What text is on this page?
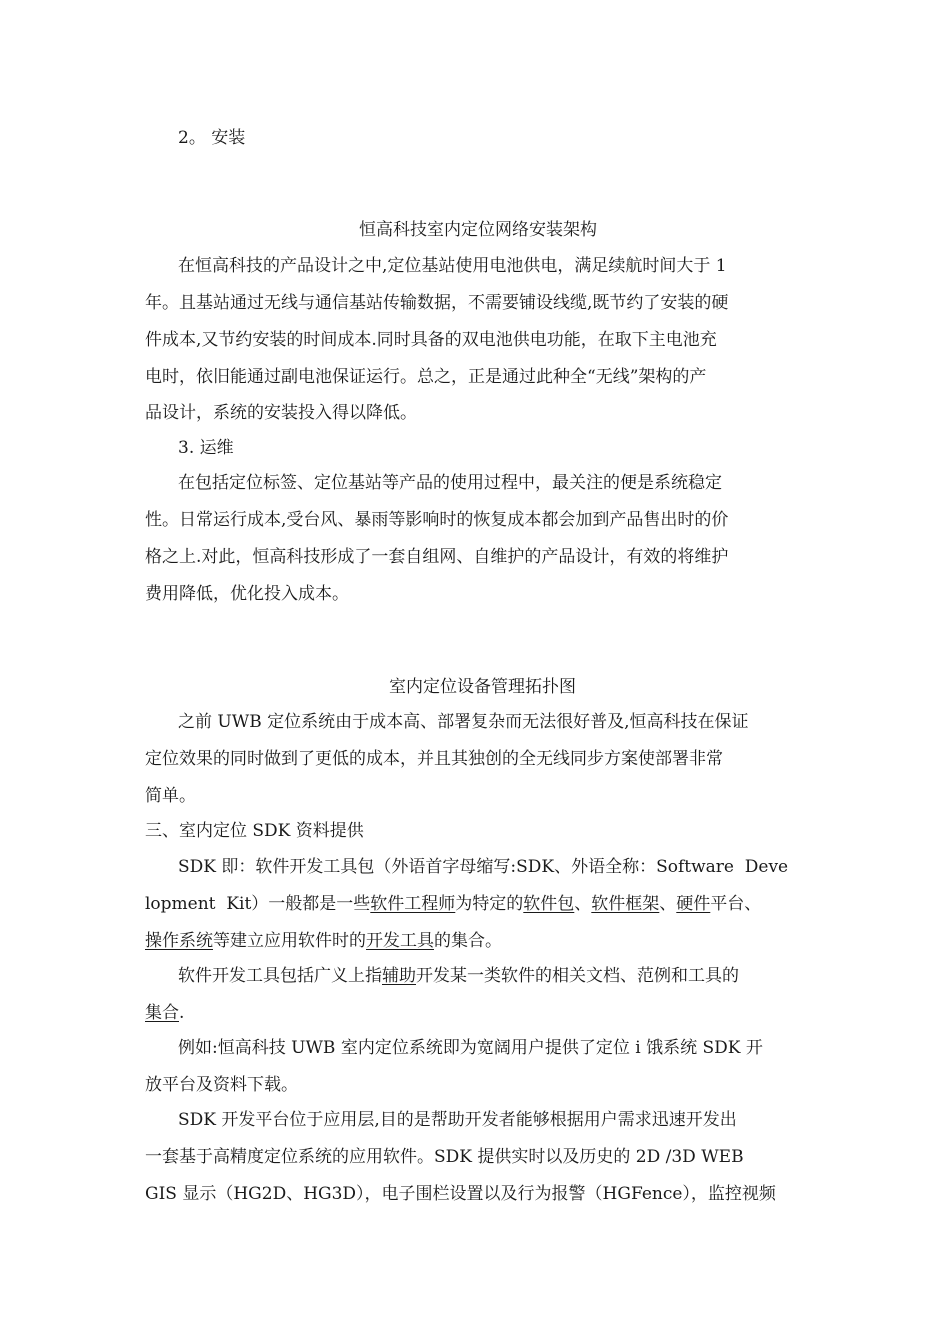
2。 安装
恒高科技室内定位网络安装架构
在恒高科技的产品设计之中,定位基站使用电池供电，满足续航时间大于 1
年。且基站通过无线与通信基站传输数据，不需要铺设线缆,既节约了安装的硬
件成本,又节约安装的时间成本.同时具备的双电池供电功能，在取下主电池充
电时，依旧能通过副电池保证运行。总之，正是通过此种全“无线”架构的产
品设计，系统的安装投入得以降低。
3. 运维
在包括定位标签、定位基站等产品的使用过程中，最关注的便是系统稳定
性。日常运行成本,受台风、暴雨等影响时的恢复成本都会加到产品售出时的价
格之上.对此，恒高科技形成了一套自组网、自维护的产品设计，有效的将维护
费用降低，优化投入成本。
室内定位设备管理拓扑图
之前 UWB 定位系统由于成本高、部署复杂而无法很好普及,恒高科技在保证
定位效果的同时做到了更低的成本，并且其独创的全无线同步方案使部署非常
简单。
三、室内定位 SDK 资料提供
SDK 即：软件开发工具包（外语首字母缩写:SDK、外语全称：Software  Deve
lopment  Kit）一般都是一些软件工程师为特定的软件包、软件框架、硬件平台、
操作系统等建立应用软件时的开发工具的集合。
软件开发工具包括广义上指辅助开发某一类软件的相关文档、范例和工具的
集合.
例如:恒高科技 UWB 室内定位系统即为宽阔用户提供了定位 i 饿系统 SDK 开
放平台及资料下载。
SDK 开发平台位于应用层,目的是帮助开发者能够根据用户需求迅速开发出
一套基于高精度定位系统的应用软件。SDK 提供实时以及历史的 2D /3D WEB
GIS 显示（HG2D、HG3D），电子围栏设置以及行为报警（HGFence），监控视频
